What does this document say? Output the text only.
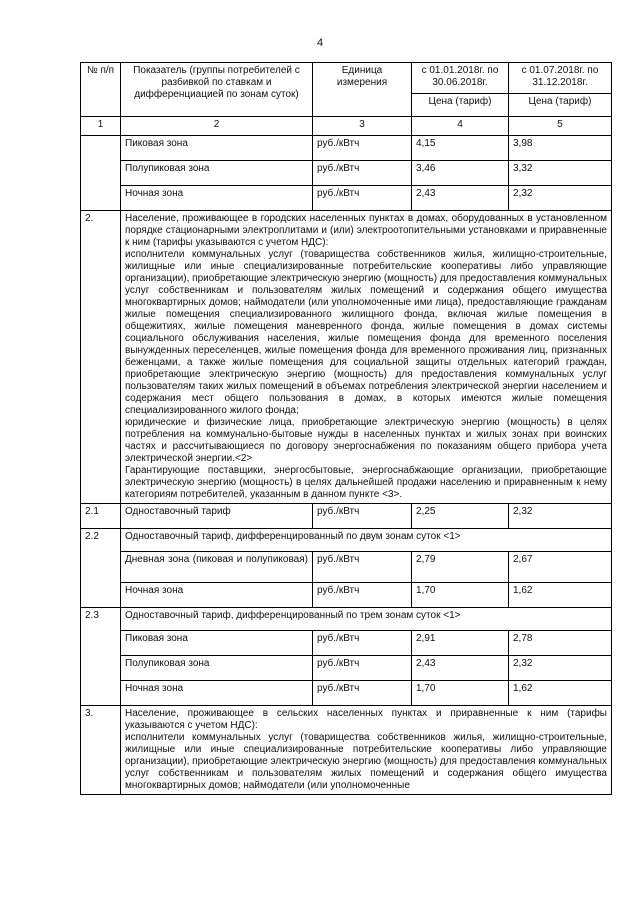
4
№ п/п	Показатель (группы потребителей с разбивкой по ставкам и дифференциацией по зонам суток)	Единица измерения	с 01.01.2018г. по 30.06.2018г.	с 01.07.2018г. по 31.12.2018г.
			Цена (тариф)	Цена (тариф)
1	2	3	4	5
	Пиковая зона	руб./кВтч	4,15	3,98
	Полупиковая зона	руб./кВтч	3,46	3,32
	Ночная зона	руб./кВтч	2,43	2,32
2.	Население, проживающее в городских населенных пунктах в домах, оборудованных в установленном порядке стационарными электроплитами и (или) электроотопительными установками и приравненные к ним (тарифы указываются с учетом НДС):

исполнители коммунальных услуг (товарищества собственников жилья, жилищно-строительные, жилищные или иные специализированные потребительские кооперативы либо управляющие организации), приобретающие электрическую энергию (мощность) для предоставления коммунальных услуг собственникам и пользователям жилых помещений и содержания общего имущества многоквартирных домов; наймодатели (или уполномоченные ими лица), предоставляющие гражданам жилые помещения специализированного жилищного фонда, включая жилые помещения в общежитиях, жилые помещения маневренного фонда, жилые помещения в домах системы социального обслуживания населения, жилые помещения фонда для временного поселения вынужденных переселенцев, жилые помещения фонда для временного проживания лиц, признанных беженцами, а также жилые помещения для социальной защиты отдельных категорий граждан, приобретающие электрическую энергию (мощность) для предоставления коммунальных услуг пользователям таких жилых помещений в объемах потребления электрической энергии населением и содержания мест общего пользования в домах, в которых имеются жилые помещения специализированного жилого фонда;

юридические и физические лица, приобретающие электрическую энергию (мощность) в целях потребления на коммунально-бытовые нужды в населенных пунктах и жилых зонах при воинских частях и рассчитывающиеся по договору энергоснабжения по показаниям общего прибора учета электрической энергии.<2>

Гарантирующие поставщики, энергосбытовые, энергоснабжающие организации, приобретающие электрическую энергию (мощность) в целях дальнейшей продажи населению и приравненным к нему категориям потребителей, указанным в данном пункте <3>.			

2.1	Одноставочный тариф	руб./кВтч	2,25	2,32
2.2	Одноставочный тариф, дифференцированный по двум зонам суток <1>			
	Дневная зона (пиковая и полупиковая)	руб./кВтч	2,79	2,67
	Ночная зона	руб./кВтч	1,70	1,62
2.3	Одноставочный тариф, дифференцированный по трем зонам суток <1>			
	Пиковая зона	руб./кВтч	2,91	2,78
	Полупиковая зона	руб./кВтч	2,43	2,32
	Ночная зона	руб./кВтч	1,70	1,62
3.	Население, проживающее в сельских населенных пунктах и приравненные к ним (тарифы указываются с учетом НДС):

исполнители коммунальных услуг (товарищества собственников жилья, жилищно-строительные, жилищные или иные специализированные потребительские кооперативы либо управляющие организации), приобретающие электрическую энергию (мощность) для предоставления коммунальных услуг собственникам и пользователям жилых помещений и содержания общего имущества многоквартирных домов; наймодатели (или уполномоченные			
